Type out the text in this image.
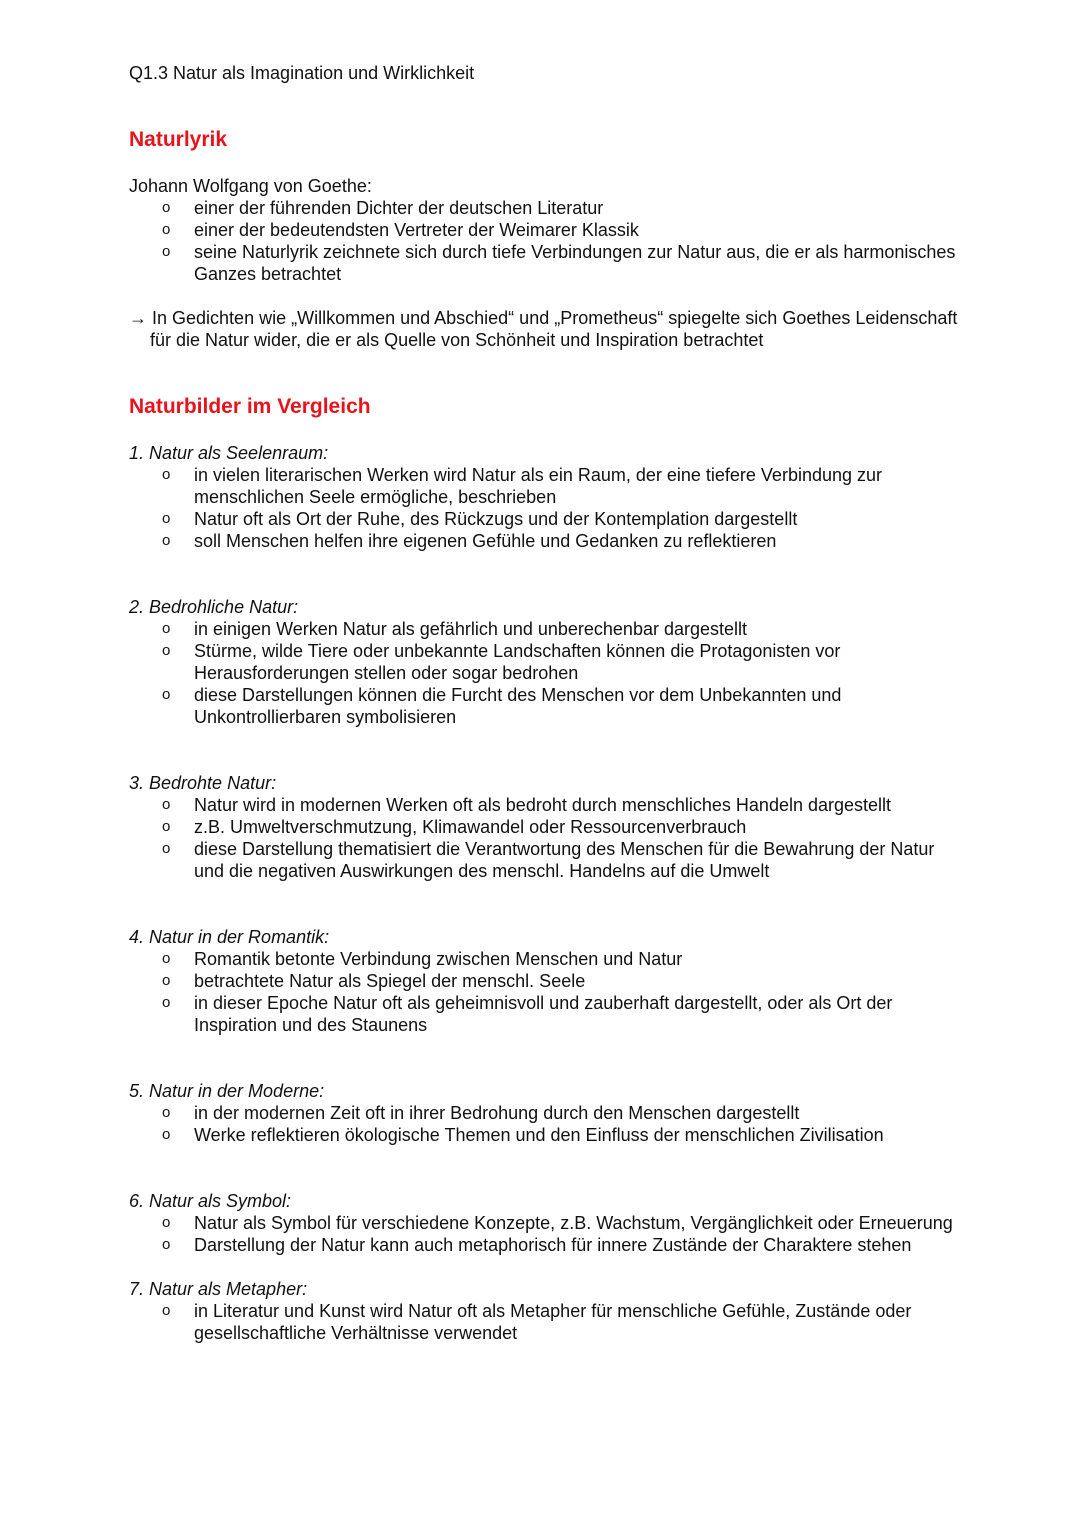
Q1.3 Natur als Imagination und Wirklichkeit

Naturlyrik
Johann Wolfgang von Goethe:
o einer der führenden Dichter der deutschen Literatur
o einer der bedeutendsten Vertreter der Weimarer Klassik
o seine Naturlyrik zeichnete sich durch tiefe Verbindungen zur Natur aus, die er als harmonisches Ganzes betrachtet
→ In Gedichten wie „Willkommen und Abschied“ und „Prometheus“ spiegelte sich Goethes Leidenschaft für die Natur wider, die er als Quelle von Schönheit und Inspiration betrachtet
Naturbilder im Vergleich
1. Natur als Seelenraum:
o in vielen literarischen Werken wird Natur als ein Raum, der eine tiefere Verbindung zur menschlichen Seele ermögliche, beschrieben
o Natur oft als Ort der Ruhe, des Rückzugs und der Kontemplation dargestellt
o soll Menschen helfen ihre eigenen Gefühle und Gedanken zu reflektieren
2. Bedrohliche Natur:
o in einigen Werken Natur als gefährlich und unberechenbar dargestellt
o Stürme, wilde Tiere oder unbekannte Landschaften können die Protagonisten vor Herausforderungen stellen oder sogar bedrohen
o diese Darstellungen können die Furcht des Menschen vor dem Unbekannten und Unkontrollierbaren symbolisieren
3. Bedrohte Natur:
o Natur wird in modernen Werken oft als bedroht durch menschliches Handeln dargestellt
o z.B. Umweltverschmutzung, Klimawandel oder Ressourcenverbrauch
o diese Darstellung thematisiert die Verantwortung des Menschen für die Bewahrung der Natur und die negativen Auswirkungen des menschl. Handelns auf die Umwelt
4. Natur in der Romantik:
o Romantik betonte Verbindung zwischen Menschen und Natur
o betrachtete Natur als Spiegel der menschl. Seele
o in dieser Epoche Natur oft als geheimnisvoll und zauberhaft dargestellt, oder als Ort der Inspiration und des Staunens
5. Natur in der Moderne:
o in der modernen Zeit oft in ihrer Bedrohung durch den Menschen dargestellt
o Werke reflektieren ökologische Themen und den Einfluss der menschlichen Zivilisation
6. Natur als Symbol:
o Natur als Symbol für verschiedene Konzepte, z.B. Wachstum, Vergänglichkeit oder Erneuerung
o Darstellung der Natur kann auch metaphorisch für innere Zustände der Charaktere stehen
7. Natur als Metapher:
o in Literatur und Kunst wird Natur oft als Metapher für menschliche Gefühle, Zustände oder gesellschaftliche Verhältnisse verwendet
